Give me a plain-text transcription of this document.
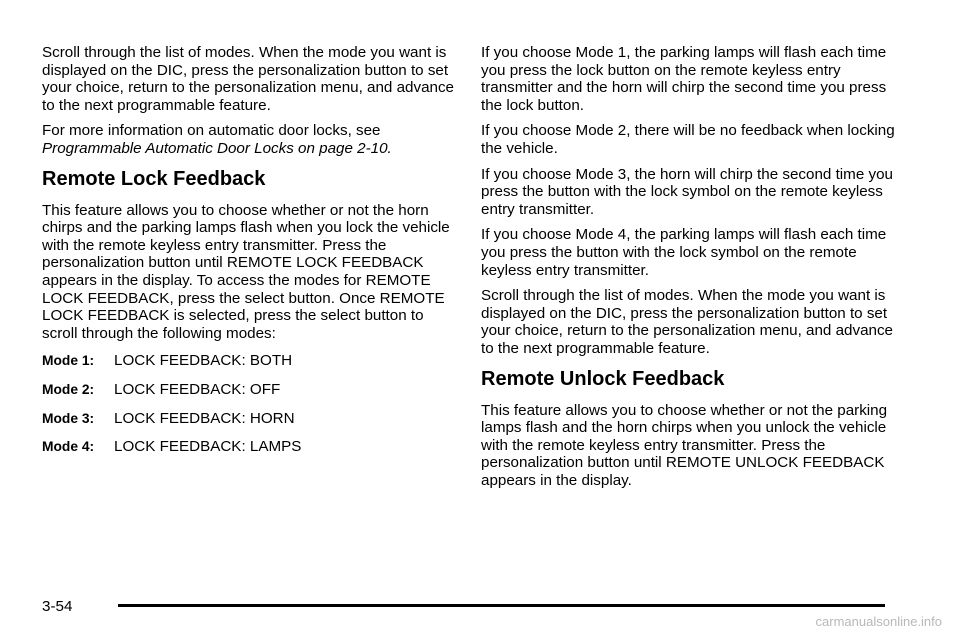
Scroll through the list of modes. When the mode you want is displayed on the DIC, press the personalization button to set your choice, return to the personalization menu, and advance to the next programmable feature.

For more information on automatic door locks, see
Programmable Automatic Door Locks on page 2-10.

Remote Lock Feedback

This feature allows you to choose whether or not the horn chirps and the parking lamps flash when you lock the vehicle with the remote keyless entry transmitter. Press the personalization button until REMOTE LOCK FEEDBACK appears in the display. To access the modes for REMOTE LOCK FEEDBACK, press the select button. Once REMOTE LOCK FEEDBACK is selected, press the select button to scroll through the following modes:

Mode 1:	LOCK FEEDBACK: BOTH
Mode 2:	LOCK FEEDBACK: OFF
Mode 3:	LOCK FEEDBACK: HORN
Mode 4:	LOCK FEEDBACK: LAMPS

If you choose Mode 1, the parking lamps will flash each time you press the lock button on the remote keyless entry transmitter and the horn will chirp the second time you press the lock button.

If you choose Mode 2, there will be no feedback when locking the vehicle.

If you choose Mode 3, the horn will chirp the second time you press the button with the lock symbol on the remote keyless entry transmitter.

If you choose Mode 4, the parking lamps will flash each time you press the button with the lock symbol on the remote keyless entry transmitter.

Scroll through the list of modes. When the mode you want is displayed on the DIC, press the personalization button to set your choice, return to the personalization menu, and advance to the next programmable feature.

Remote Unlock Feedback

This feature allows you to choose whether or not the parking lamps flash and the horn chirps when you unlock the vehicle with the remote keyless entry transmitter. Press the personalization button until REMOTE UNLOCK FEEDBACK appears in the display.

3-54
carmanualsonline.info
